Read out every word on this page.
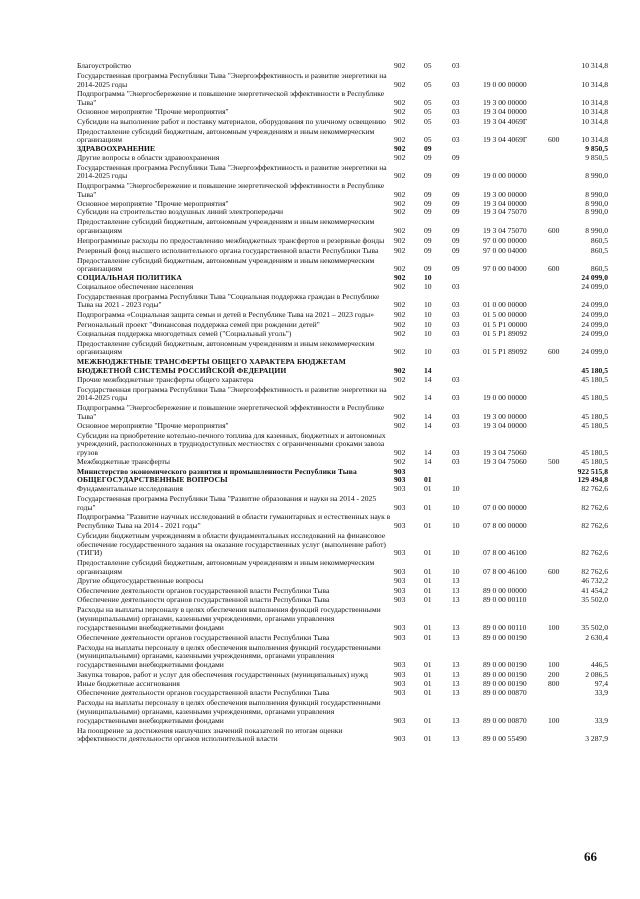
Благоустройство	902	05	03	10 314,8
Государственная программа Республики Тыва "Энергоэффективность и развитие энергетики на 2014-2025 годы	902	05	03	19 0 00 00000	10 314,8
Подпрограмма "Энергосбережение и повышение энергетической эффективности в Республике Тыва"	902	05	03	19 3 00 00000	10 314,8
Основное мероприятие "Прочие мероприятия"	902	05	03	19 3 04 00000	10 314,8
Субсидии на выполнение работ и поставку материалов, оборудования по уличному освещению	902	05	03	19 3 04 4069Г	10 314,8
Предоставление субсидий бюджетным, автономным учреждениям и иным некоммерческим организациям	902	05	03	19 3 04 4069Г	600	10 314,8
ЗДРАВООХРАНЕНИЕ	902	09	9 850,5
Другие вопросы в области здравоохранения	902	09	09	9 850,5
Государственная программа Республики Тыва "Энергоэффективность и развитие энергетики на 2014-2025 годы	902	09	09	19 0 00 00000	8 990,0
Подпрограмма "Энергосбережение и повышение энергетической эффективности в Республике Тыва"	902	09	09	19 3 00 00000	8 990,0
Основное мероприятие "Прочие мероприятия"	902	09	09	19 3 04 00000	8 990,0
Субсидии на строительство воздушных линий электропередачи	902	09	09	19 3 04 75070	8 990,0
Предоставление субсидий бюджетным, автономным учреждениям и иным некоммерческим организациям	902	09	09	19 3 04 75070	600	8 990,0
Непрограммные расходы по предоставлению межбюджетных трансфертов и резервные фонды	902	09	09	97 0 00 00000	860,5
Резервный фонд высшего исполнительного органа государственной власти Республики Тыва	902	09	09	97 0 00 04000	860,5
Предоставление субсидий бюджетным, автономным учреждениям и иным некоммерческим организациям	902	09	09	97 0 00 04000	600	860,5
СОЦИАЛЬНАЯ ПОЛИТИКА	902	10	24 099,0
Социальное обеспечение населения	902	10	03	24 099,0
Государственная программа Республики Тыва "Социальная поддержка граждан в Республике Тыва на 2021 - 2023 годы"	902	10	03	01 0 00 00000	24 099,0
Подпрограмма «Социальная защита семьи и детей в Республике Тыва на 2021 – 2023 годы»	902	10	03	01 5 00 00000	24 099,0
Региональный проект "Финансовая поддержка семей при рождении детей"	902	10	03	01 5 P1 00000	24 099,0
Социальная поддержка многодетных семей ("Социальный уголь")	902	10	03	01 5 P1 89092	24 099,0
Предоставление субсидий бюджетным, автономным учреждениям и иным некоммерческим организациям	902	10	03	01 5 P1 89092	600	24 099,0
МЕЖБЮДЖЕТНЫЕ ТРАНСФЕРТЫ ОБЩЕГО ХАРАКТЕРА БЮДЖЕТАМ БЮДЖЕТНОЙ СИСТЕМЫ РОССИЙСКОЙ ФЕДЕРАЦИИ	902	14	45 180,5
Прочие межбюджетные трансферты общего характера	902	14	03	45 180,5
Государственная программа Республики Тыва "Энергоэффективность и развитие энергетики на 2014-2025 годы	902	14	03	19 0 00 00000	45 180,5
Подпрограмма "Энергосбережение и повышение энергетической эффективности в Республике Тыва"	902	14	03	19 3 00 00000	45 180,5
Основное мероприятие "Прочие мероприятия"	902	14	03	19 3 04 00000	45 180,5
Субсидии на приобретение котельно-печного топлива для казенных, бюджетных и автономных учреждений, расположенных в труднодоступных местностях с ограниченными сроками завоза грузов	902	14	03	19 3 04 75060	45 180,5
Межбюджетные трансферты	902	14	03	19 3 04 75060	500	45 180,5
Министерство экономического развития и промышленности Республики Тыва	903	922 515,8
ОБЩЕГОСУДАРСТВЕННЫЕ ВОПРОСЫ	903	01	129 494,8
Фундаментальные исследования	903	01	10	82 762,6
Государственная программа Республики Тыва "Развитие образования и науки на 2014 - 2025 годы"	903	01	10	07 0 00 00000	82 762,6
Подпрограмма "Развитие научных исследований в области гуманитарных и естественных наук в Республике Тыва на 2014 - 2021 годы"	903	01	10	07 8 00 00000	82 762,6
Субсидии бюджетным учреждениям в области фундаментальных исследований на финансовое обеспечение государственного задания на оказание государственных услуг (выполнение работ) (ТИГИ)	903	01	10	07 8 00 46100	82 762,6
Предоставление субсидий бюджетным, автономным учреждениям и иным некоммерческим организациям	903	01	10	07 8 00 46100	600	82 762,6
Другие общегосударственные вопросы	903	01	13	46 732,2
Обеспечение деятельности органов государственной власти Республики Тыва	903	01	13	89 0 00 00000	41 454,2
Обеспечение деятельности органов государственной власти Республики Тыва	903	01	13	89 0 00 00110	35 502,0
Расходы на выплаты персоналу в целях обеспечения выполнения функций государственными (муниципальными) органами, казенными учреждениями, органами управления государственными внебюджетными фондами	903	01	13	89 0 00 00110	100	35 502,0
Обеспечение деятельности органов государственной власти Республики Тыва	903	01	13	89 0 00 00190	2 630,4
Расходы на выплаты персоналу в целях обеспечения выполнения функций государственными (муниципальными) органами, казенными учреждениями, органами управления государственными внебюджетными фондами	903	01	13	89 0 00 00190	100	446,5
Закупка товаров, работ и услуг для обеспечения государственных (муниципальных) нужд	903	01	13	89 0 00 00190	200	2 086,5
Иные бюджетные ассигнования	903	01	13	89 0 00 00190	800	97,4
Обеспечение деятельности органов государственной власти Республики Тыва	903	01	13	89 0 00 00870	33,9
Расходы на выплаты персоналу в целях обеспечения выполнения функций государственными (муниципальными) органами, казенными учреждениями, органами управления государственными внебюджетными фондами	903	01	13	89 0 00 00870	100	33,9
На поощрение за достижения наилучших значений показателей по итогам оценки эффективности деятельности органов исполнительной власти	903	01	13	89 0 00 55490	3 287,9
66
